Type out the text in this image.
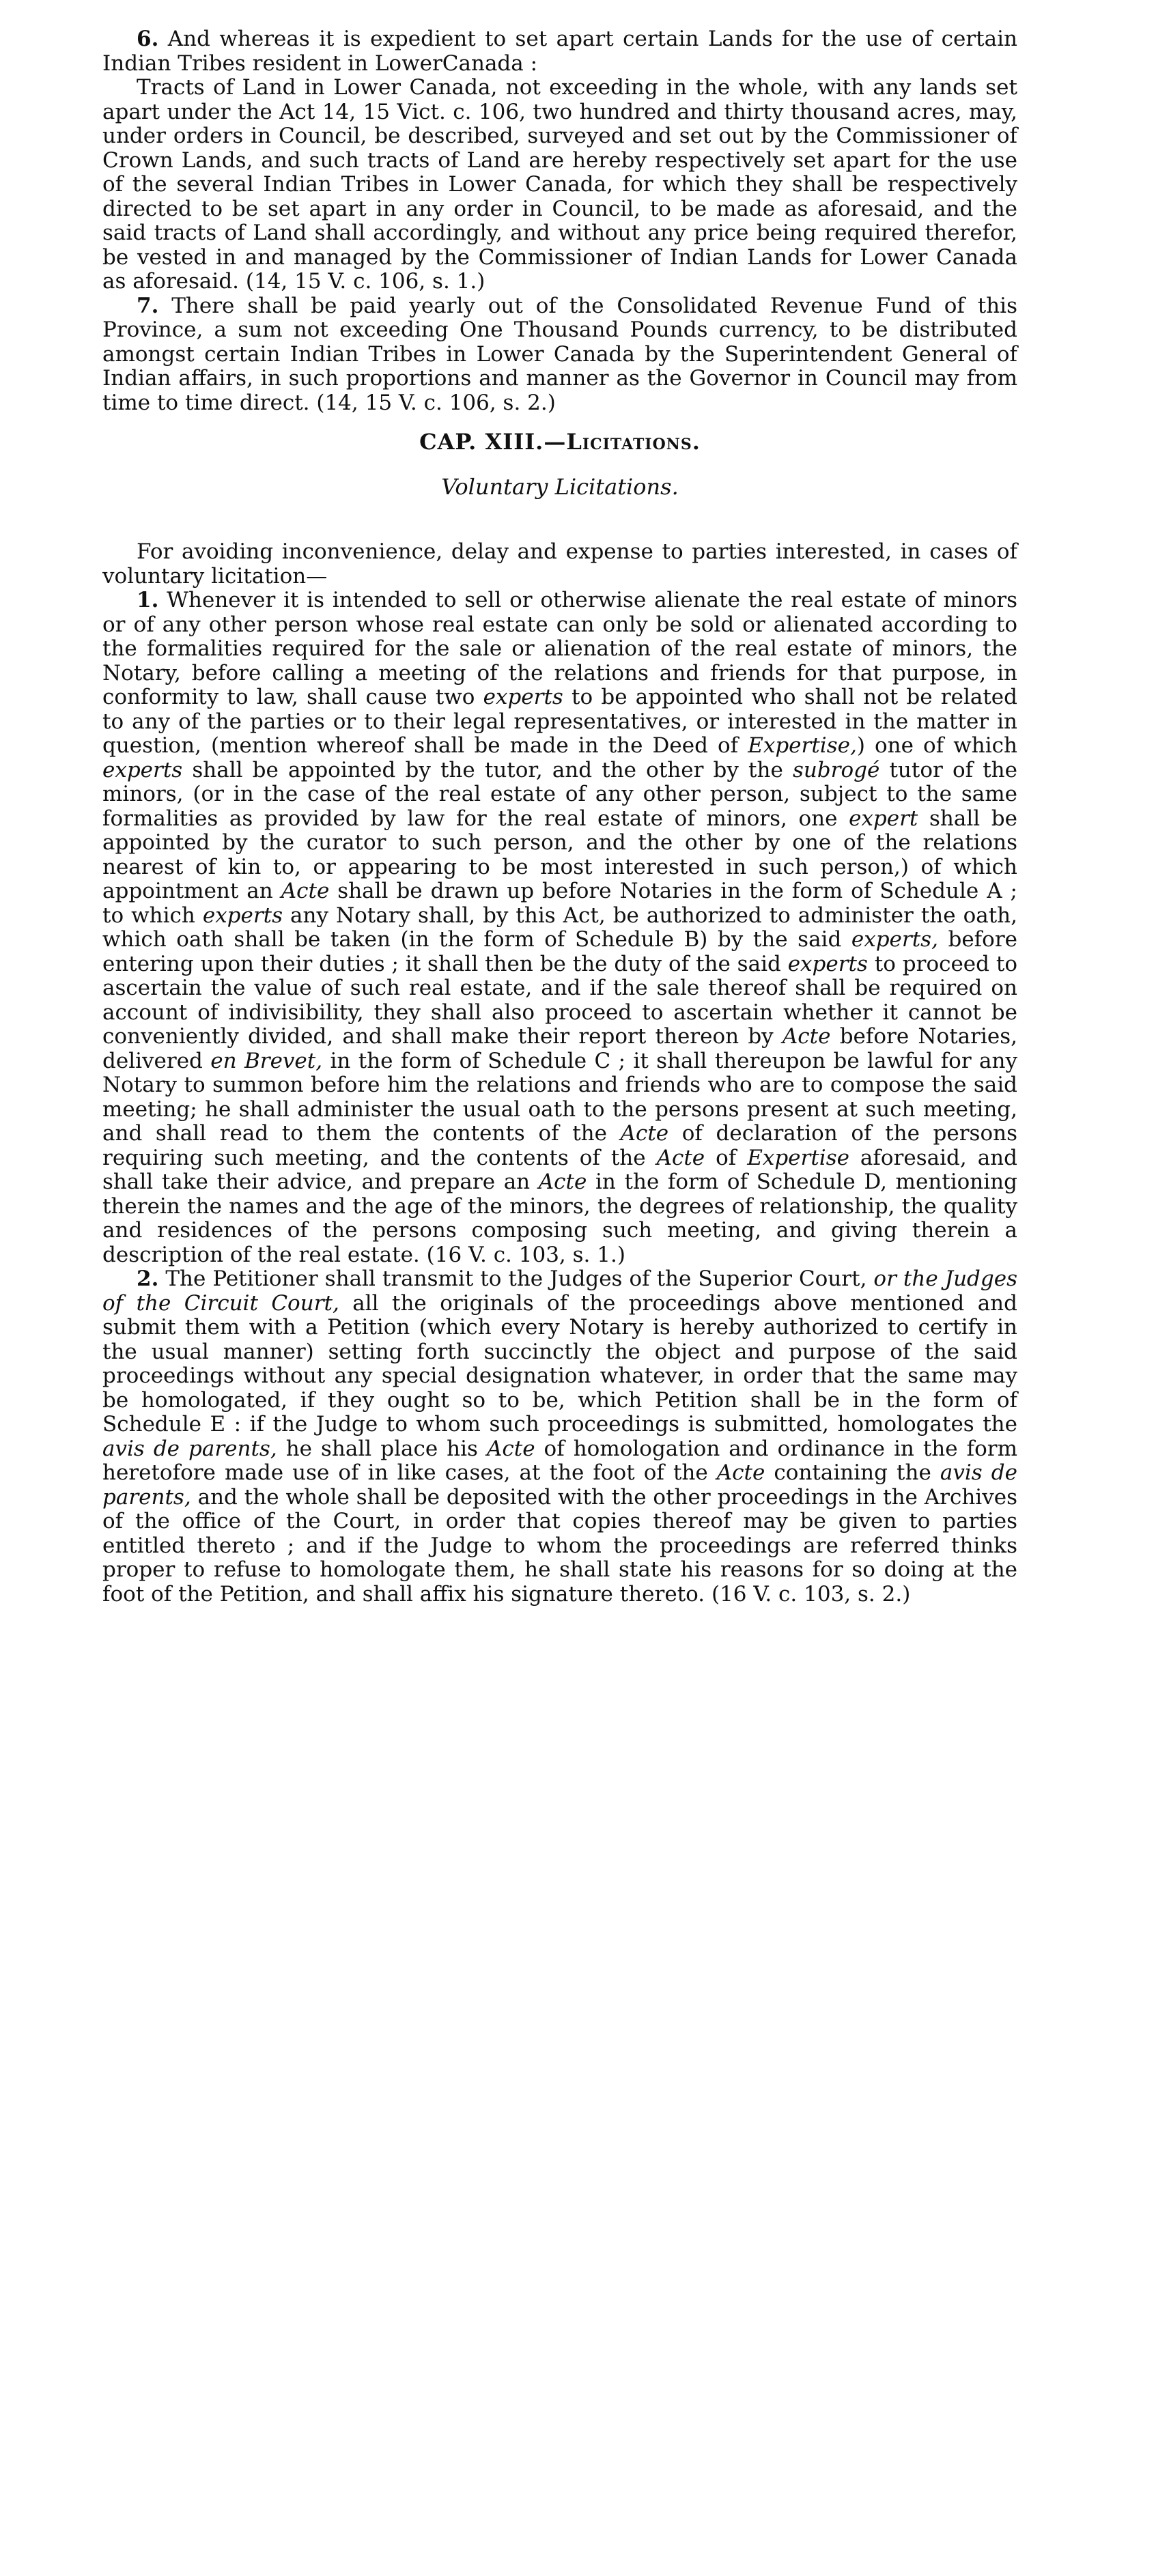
6. And whereas it is expedient to set apart certain Lands for the use of certain Indian Tribes resident in LowerCanada :

Tracts of Land in Lower Canada, not exceeding in the whole, with any lands set apart under the Act 14, 15 Vict. c. 106, two hundred and thirty thousand acres, may, under orders in Council, be described, surveyed and set out by the Commissioner of Crown Lands, and such tracts of Land are hereby respectively set apart for the use of the several Indian Tribes in Lower Canada, for which they shall be respectively directed to be set apart in any order in Council, to be made as aforesaid, and the said tracts of Land shall accordingly, and without any price being required therefor, be vested in and managed by the Commissioner of Indian Lands for Lower Canada as aforesaid. (14, 15 V. c. 106, s. 1.)

7. There shall be paid yearly out of the Consolidated Revenue Fund of this Province, a sum not exceeding One Thousand Pounds currency, to be distributed amongst certain Indian Tribes in Lower Canada by the Superintendent General of Indian affairs, in such proportions and manner as the Governor in Council may from time to time direct. (14, 15 V. c. 106, s. 2.)

CAP. XIII.—Licitations.
Voluntary Licitations.

For avoiding inconvenience, delay and expense to parties interested, in cases of voluntary licitation—

1. Whenever it is intended to sell or otherwise alienate the real estate of minors or of any other person whose real estate can only be sold or alienated according to the formalities required for the sale or alienation of the real estate of minors, the Notary, before calling a meeting of the relations and friends for that purpose, in conformity to law, shall cause two experts to be appointed who shall not be related to any of the parties or to their legal representatives, or interested in the matter in question, (mention whereof shall be made in the Deed of Expertise,) one of which experts shall be appointed by the tutor, and the other by the subrogé tutor of the minors, (or in the case of the real estate of any other person, subject to the same formalities as provided by law for the real estate of minors, one expert shall be appointed by the curator to such person, and the other by one of the relations nearest of kin to, or appearing to be most interested in such person,) of which appointment an Acte shall be drawn up before Notaries in the form of Schedule A ; to which experts any Notary shall, by this Act, be authorized to administer the oath, which oath shall be taken (in the form of Schedule B) by the said experts, before entering upon their duties ; it shall then be the duty of the said experts to proceed to ascertain the value of such real estate, and if the sale thereof shall be required on account of indivisibility, they shall also proceed to ascertain whether it cannot be conveniently divided, and shall make their report thereon by Acte before Notaries, delivered en Brevet, in the form of Schedule C ; it shall thereupon be lawful for any Notary to summon before him the relations and friends who are to compose the said meeting; he shall administer the usual oath to the persons present at such meeting, and shall read to them the contents of the Acte of declaration of the persons requiring such meeting, and the contents of the Acte of Expertise aforesaid, and shall take their advice, and prepare an Acte in the form of Schedule D, mentioning therein the names and the age of the minors, the degrees of relationship, the quality and residences of the persons composing such meeting, and giving therein a description of the real estate. (16 V. c. 103, s. 1.)

2. The Petitioner shall transmit to the Judges of the Superior Court, or the Judges of the Circuit Court, all the originals of the proceedings above mentioned and submit them with a Petition (which every Notary is hereby authorized to certify in the usual manner) setting forth succinctly the object and purpose of the said proceedings without any special designation whatever, in order that the same may be homologated, if they ought so to be, which Petition shall be in the form of Schedule E : if the Judge to whom such proceedings is submitted, homologates the avis de parents, he shall place his Acte of homologation and ordinance in the form heretofore made use of in like cases, at the foot of the Acte containing the avis de parents, and the whole shall be deposited with the other proceedings in the Archives of the office of the Court, in order that copies thereof may be given to parties entitled thereto ; and if the Judge to whom the proceedings are referred thinks proper to refuse to homologate them, he shall state his reasons for so doing at the foot of the Petition, and shall affix his signature thereto. (16 V. c. 103, s. 2.)
